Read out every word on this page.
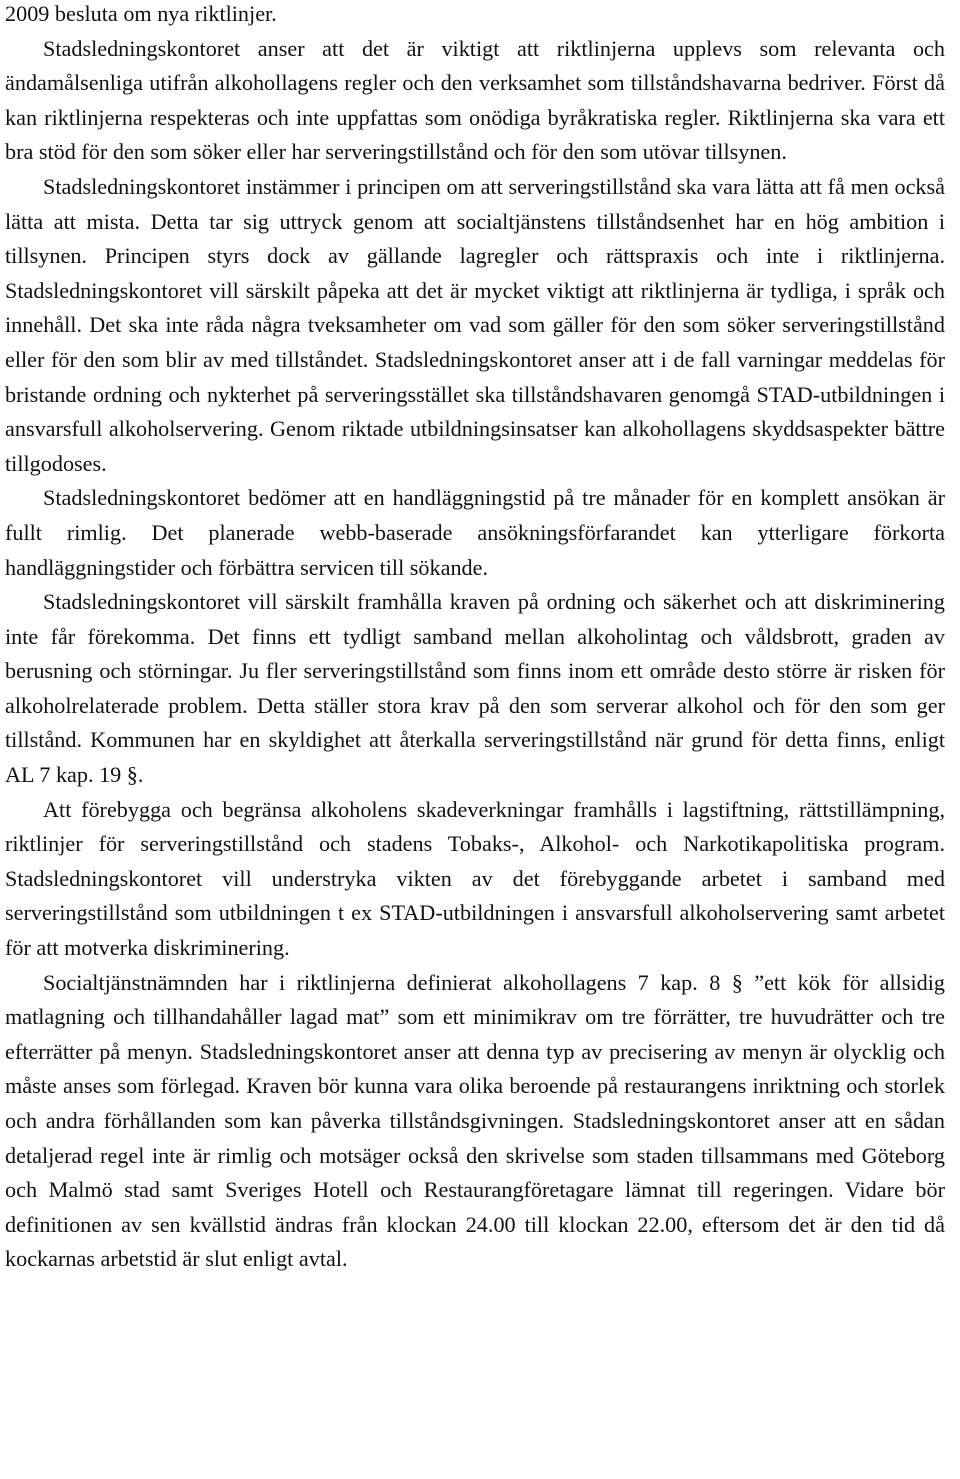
2009 besluta om nya riktlinjer.

Stadsledningskontoret anser att det är viktigt att riktlinjerna upplevs som relevanta och ändamålsenliga utifrån alkohollagens regler och den verksamhet som tillståndshavarna bedriver. Först då kan riktlinjerna respekteras och inte uppfattas som onödiga byråkratiska regler. Riktlinjerna ska vara ett bra stöd för den som söker eller har serveringstillstånd och för den som utövar tillsynen.

Stadsledningskontoret instämmer i principen om att serveringstillstånd ska vara lätta att få men också lätta att mista. Detta tar sig uttryck genom att socialtjänstens tillståndsenhet har en hög ambition i tillsynen. Principen styrs dock av gällande lagregler och rättspraxis och inte i riktlinjerna. Stadsledningskontoret vill särskilt påpeka att det är mycket viktigt att riktlinjerna är tydliga, i språk och innehåll. Det ska inte råda några tveksamheter om vad som gäller för den som söker serveringstillstånd eller för den som blir av med tillståndet. Stadsledningskontoret anser att i de fall varningar meddelas för bristande ordning och nykterhet på serveringsstället ska tillståndshavaren genomgå STAD-utbildningen i ansvarsfull alkoholservering. Genom riktade utbildningsinsatser kan alkohollagens skyddsaspekter bättre tillgodoses.

Stadsledningskontoret bedömer att en handläggningstid på tre månader för en komplett ansökan är fullt rimlig. Det planerade webb-baserade ansökningsförfarandet kan ytterligare förkorta handläggningstider och förbättra servicen till sökande.

Stadsledningskontoret vill särskilt framhålla kraven på ordning och säkerhet och att diskriminering inte får förekomma. Det finns ett tydligt samband mellan alkoholintag och våldsbrott, graden av berusning och störningar. Ju fler serveringstillstånd som finns inom ett område desto större är risken för alkoholrelaterade problem. Detta ställer stora krav på den som serverar alkohol och för den som ger tillstånd. Kommunen har en skyldighet att återkalla serveringstillstånd när grund för detta finns, enligt AL 7 kap. 19 §.

Att förebygga och begränsa alkoholens skadeverkningar framhålls i lagstiftning, rättstillämpning, riktlinjer för serveringstillstånd och stadens Tobaks-, Alkohol- och Narkotikapolitiska program. Stadsledningskontoret vill understryka vikten av det förebyggande arbetet i samband med serveringstillstånd som utbildningen t ex STAD-utbildningen i ansvarsfull alkoholservering samt arbetet för att motverka diskriminering.

Socialtjänstnämnden har i riktlinjerna definierat alkohollagens 7 kap. 8 § ”ett kök för allsidig matlagning och tillhandahåller lagad mat” som ett minimikrav om tre förrätter, tre huvudrätter och tre efterrätter på menyn. Stadsledningskontoret anser att denna typ av precisering av menyn är olycklig och måste anses som förlegad. Kraven bör kunna vara olika beroende på restaurangens inriktning och storlek och andra förhållanden som kan påverka tillståndsgivningen. Stadsledningskontoret anser att en sådan detaljerad regel inte är rimlig och motsäger också den skrivelse som staden tillsammans med Göteborg och Malmö stad samt Sveriges Hotell och Restaurangföretagare lämnat till regeringen. Vidare bör definitionen av sen kvällstid ändras från klockan 24.00 till klockan 22.00, eftersom det är den tid då kockarnas arbetstid är slut enligt avtal.
